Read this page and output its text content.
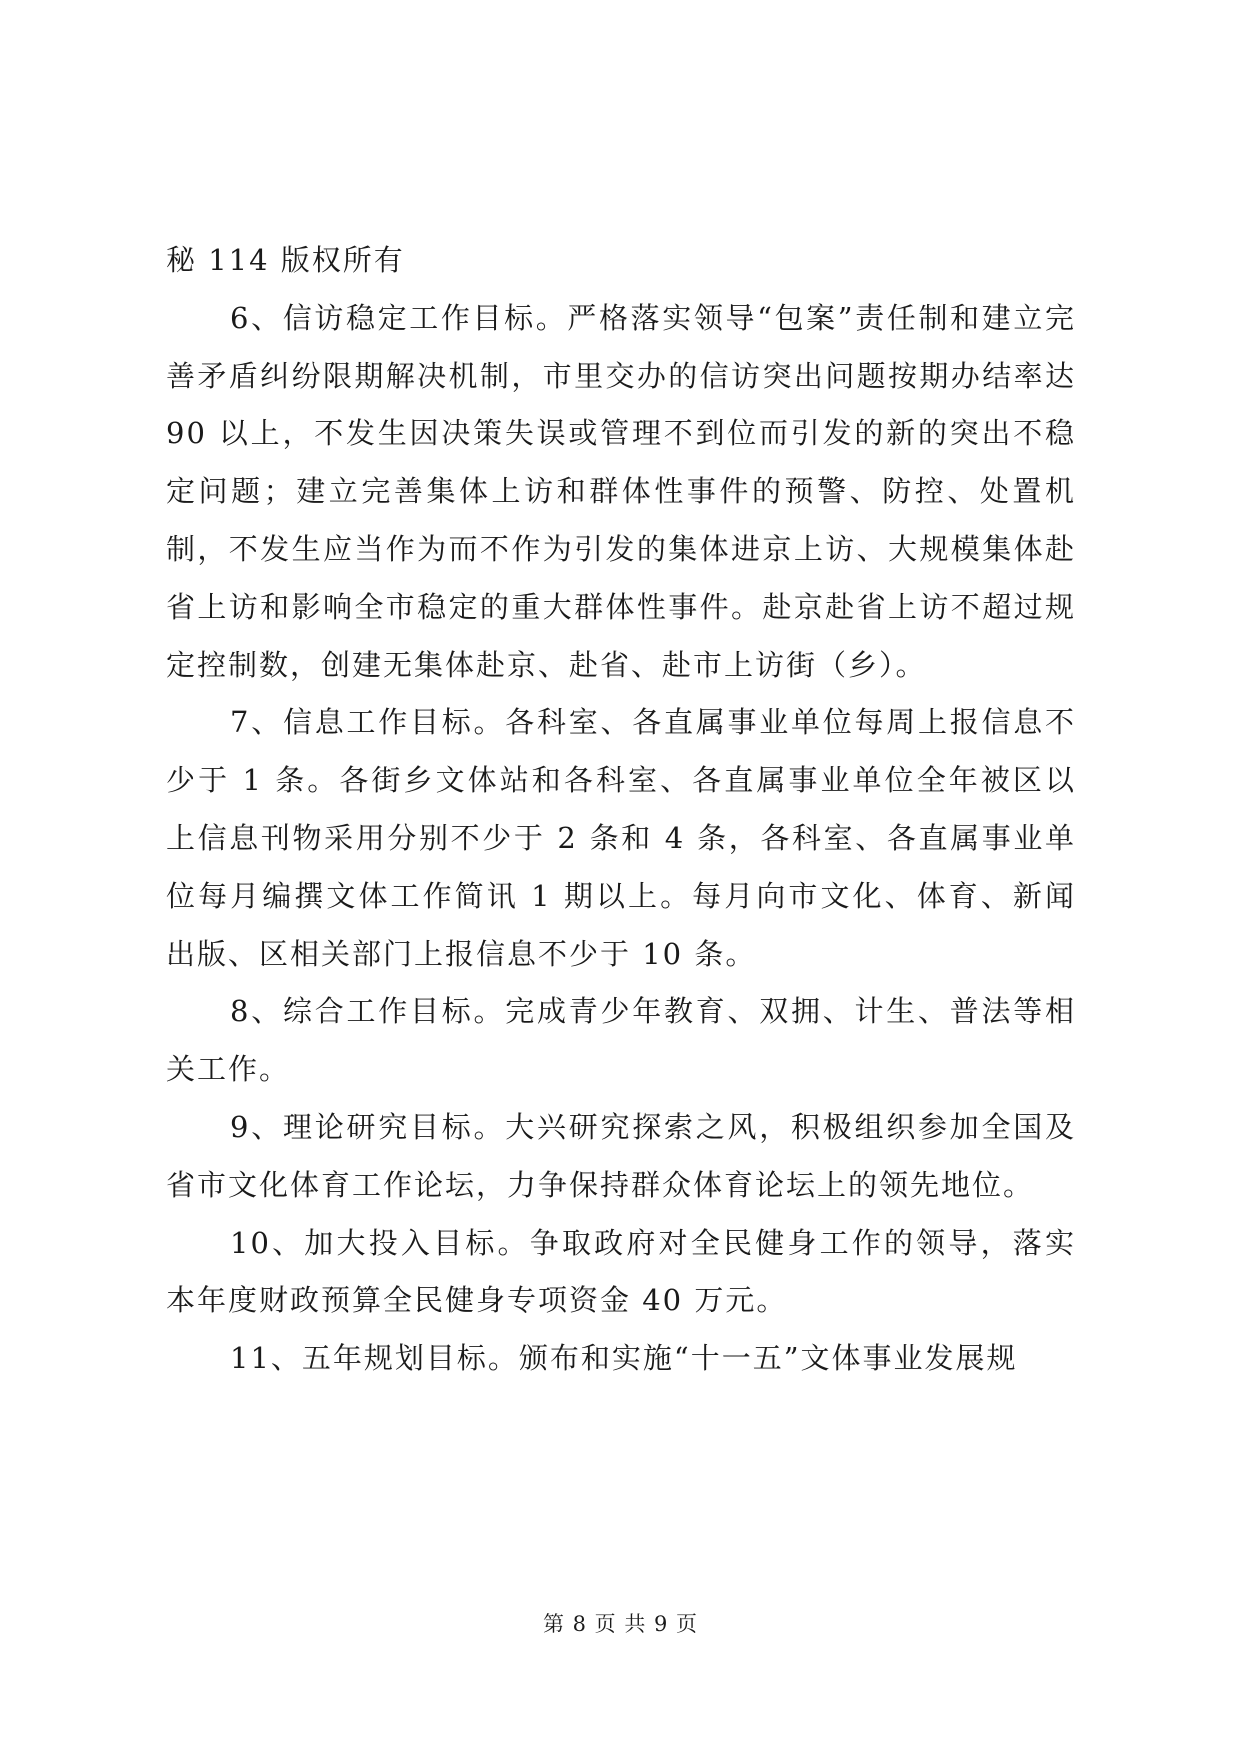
秘 114 版权所有

6、信访稳定工作目标。严格落实领导“包案”责任制和建立完善矛盾纠纷限期解决机制，市里交办的信访突出问题按期办结率达 90 以上，不发生因决策失误或管理不到位而引发的新的突出不稳定问题；建立完善集体上访和群体性事件的预警、防控、处置机制，不发生应当作为而不作为引发的集体进京上访、大规模集体赴省上访和影响全市稳定的重大群体性事件。赴京赴省上访不超过规定控制数，创建无集体赴京、赴省、赴市上访街（乡）。

7、信息工作目标。各科室、各直属事业单位每周上报信息不少于 1 条。各街乡文体站和各科室、各直属事业单位全年被区以上信息刊物采用分别不少于 2 条和 4 条，各科室、各直属事业单位每月编撰文体工作简讯 1 期以上。每月向市文化、体育、新闻出版、区相关部门上报信息不少于 10 条。

8、综合工作目标。完成青少年教育、双拥、计生、普法等相关工作。

9、理论研究目标。大兴研究探索之风，积极组织参加全国及省市文化体育工作论坛，力争保持群众体育论坛上的领先地位。

10、加大投入目标。争取政府对全民健身工作的领导，落实本年度财政预算全民健身专项资金 40 万元。

11、五年规划目标。颁布和实施“十一五”文体事业发展规

第 8 页 共 9 页
